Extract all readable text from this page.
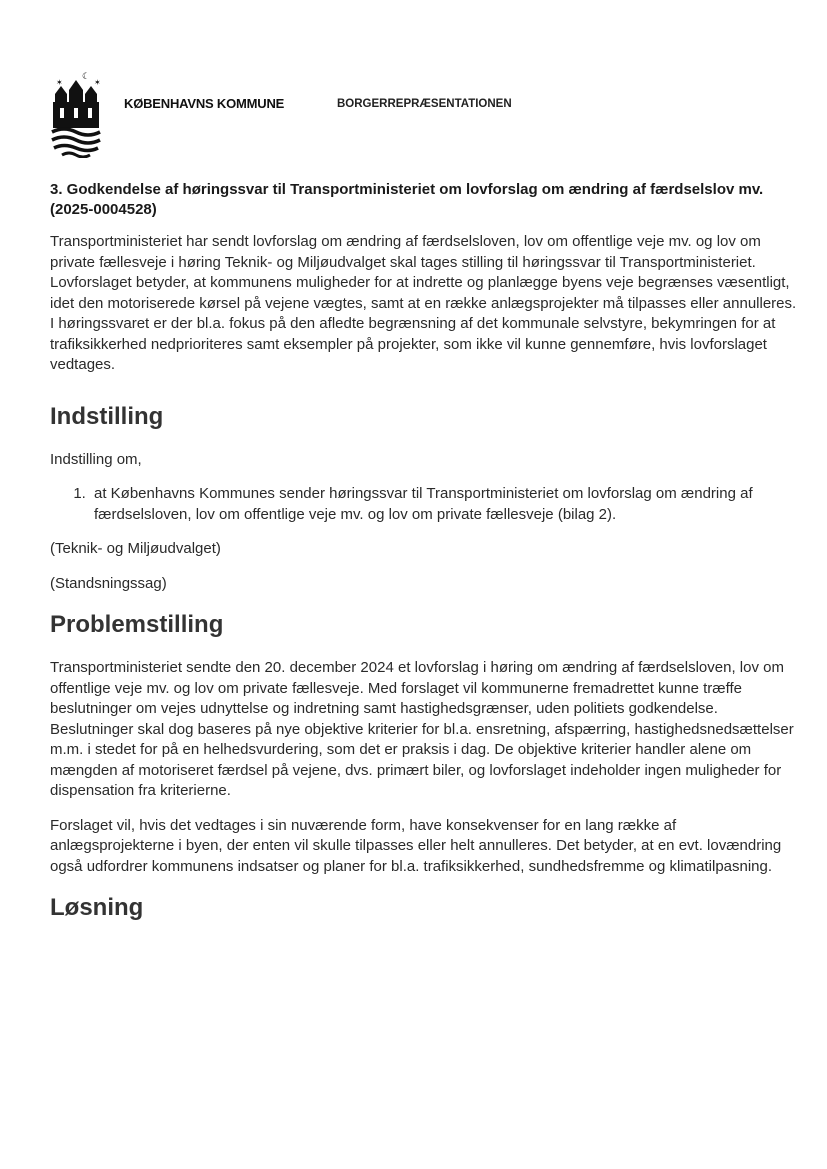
☾
✶	✶
KØBENHAVNS KOMMUNE	BORGERREPRÆSENTATIONEN
3. Godkendelse af høringssvar til Transportministeriet om lovforslag om ændring af færdselslov mv. (2025-0004528)

Transportministeriet har sendt lovforslag om ændring af færdselsloven, lov om offentlige veje mv. og lov om private fællesveje i høring Teknik- og Miljøudvalget skal tages stilling til høringssvar til Transportministeriet. Lovforslaget betyder, at kommunens muligheder for at indrette og planlægge byens veje begrænses væsentligt, idet den motoriserede kørsel på vejene vægtes, samt at en række anlægsprojekter må tilpasses eller annulleres. I høringssvaret er der bl.a. fokus på den afledte begrænsning af det kommunale selvstyre, bekymringen for at trafiksikkerhed nedprioriteres samt eksempler på projekter, som ikke vil kunne gennemføre, hvis lovforslaget vedtages.

Indstilling

Indstilling om,

1. at Københavns Kommunes sender høringssvar til Transportministeriet om lovforslag om ændring af færdselsloven, lov om offentlige veje mv. og lov om private fællesveje (bilag 2).

(Teknik- og Miljøudvalget)

(Standsningssag)

Problemstilling

Transportministeriet sendte den 20. december 2024 et lovforslag i høring om ændring af færdselsloven, lov om offentlige veje mv. og lov om private fællesveje. Med forslaget vil kommunerne fremadrettet kunne træffe beslutninger om vejes udnyttelse og indretning samt hastighedsgrænser, uden politiets godkendelse. Beslutninger skal dog baseres på nye objektive kriterier for bl.a. ensretning, afspærring, hastighedsnedsættelser m.m. i stedet for på en helhedsvurdering, som det er praksis i dag. De objektive kriterier handler alene om mængden af motoriseret færdsel på vejene, dvs. primært biler, og lovforslaget indeholder ingen muligheder for dispensation fra kriterierne.

Forslaget vil, hvis det vedtages i sin nuværende form, have konsekvenser for en lang række af anlægsprojekterne i byen, der enten vil skulle tilpasses eller helt annulleres. Det betyder, at en evt. lovændring også udfordrer kommunens indsatser og planer for bl.a. trafiksikkerhed, sundhedsfremme og klimatilpasning.

Løsning
